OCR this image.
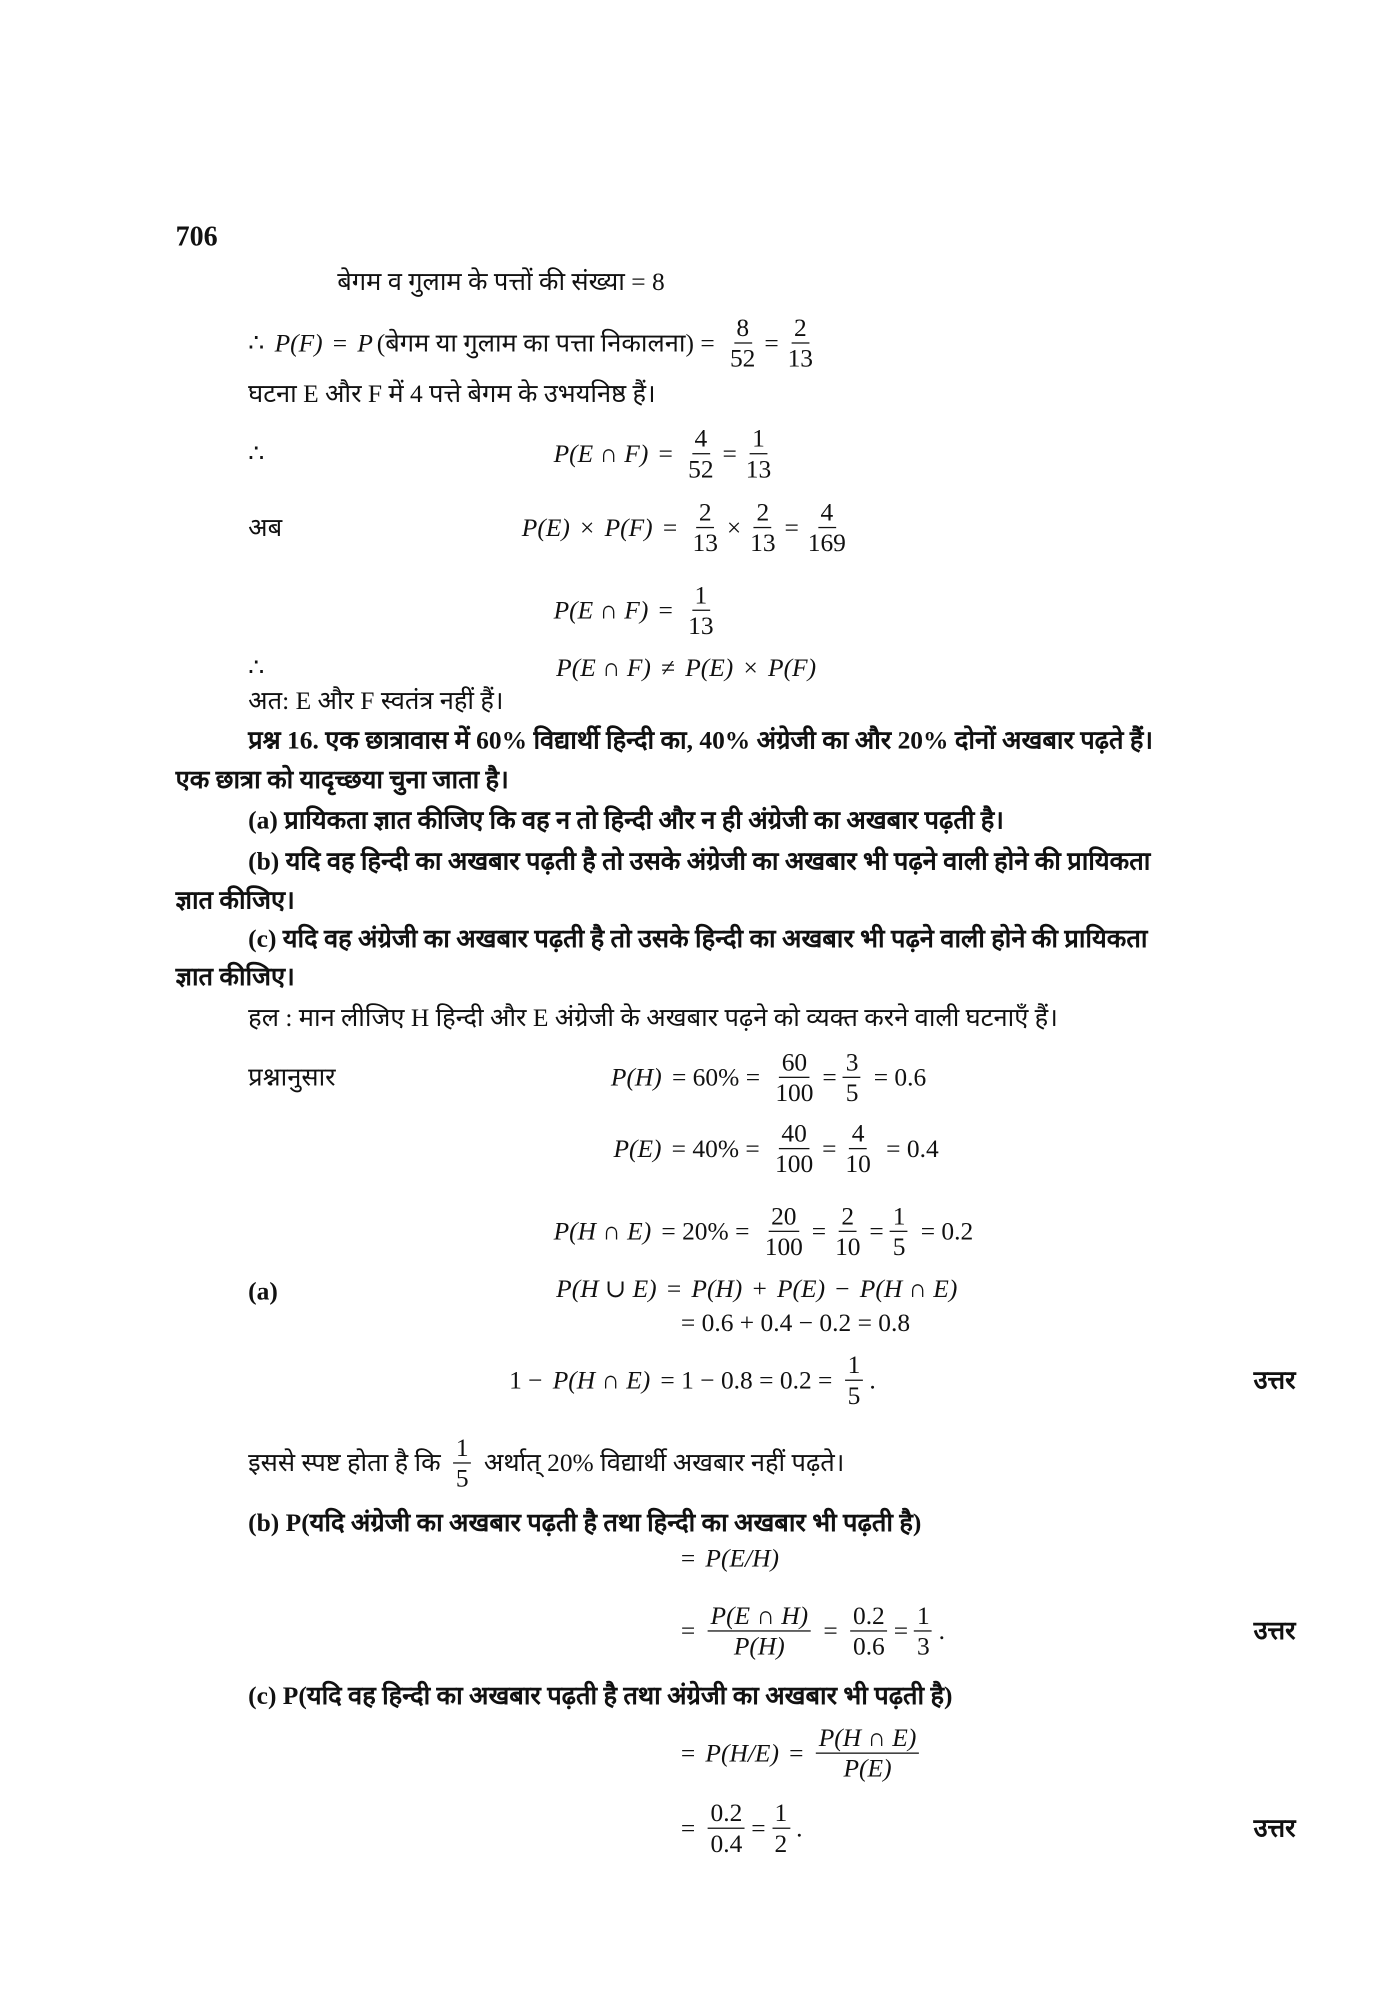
706
बेगम व गुलाम के पत्तों की संख्या = 8
∴ P(F) = P (बेगम या गुलाम का पत्ता निकालना) = $\frac{8}{52} = \frac{2}{13}$
घटना E और F में 4 पत्ते बेगम के उभयनिष्ठ हैं।
∴	P(E ∩ $F) = \frac{4}{52} = \frac{1}{13}$
अब	$P(E) \times P(F) = \frac{2}{13} \times \frac{2}{13} = \frac{4}{169}$
P(E ∩ $F) = \frac{1}{13}$
∴	P(E ∩ F) ≠ P(E) × P(F)
अत: E और F स्वतंत्र नहीं हैं।
प्रश्न 16. एक छात्रावास में 60% विद्यार्थी हिन्दी का, 40% अंग्रेजी का और 20% दोनों अखबार पढ़ते हैं।
एक छात्रा को यादृच्छया चुना जाता है।
(a) प्रायिकता ज्ञात कीजिए कि वह न तो हिन्दी और न ही अंग्रेजी का अखबार पढ़ती है।
(b) यदि वह हिन्दी का अखबार पढ़ती है तो उसके अंग्रेजी का अखबार भी पढ़ने वाली होने की प्रायिकता
ज्ञात कीजिए।
(c) यदि वह अंग्रेजी का अखबार पढ़ती है तो उसके हिन्दी का अखबार भी पढ़ने वाली होने की प्रायिकता
ज्ञात कीजिए।
हल : मान लीजिए H हिन्दी और E अंग्रेजी के अखबार पढ़ने को व्यक्त करने वाली घटनाएँ हैं।
प्रश्नानुसार	$P(H) = 60\% = \frac{60}{100} = \frac{3}{5} = 0.6$
$P(E) = 40\% = \frac{40}{100} = \frac{4}{10} = 0.4$
P(H ∩ $E) = 20\% = \frac{20}{100} = \frac{2}{10} = \frac{1}{5} = 0.2$
(a)	P(H ∪ E) = P(H) + P(E) − P(H ∩ E)
= 0.6 + 0.4 − 0.2 = 0.8
1 − P(H ∩ $E) = 1 - 0.8 = 0.2 = \frac{1}{5}$ .	उत्तर
इससे स्पष्ट होता है कि $\frac{1}{5}$ अर्थात् 20% विद्यार्थी अखबार नहीं पढ़ते।
(b) P(यदि अंग्रेजी का अखबार पढ़ती है तथा हिन्दी का अखबार भी पढ़ती है)
= P(E/H)
= $\frac{P(E \cap H)}{P(H)} = \frac{0.2}{0.6} = \frac{1}{3}$ .	उत्तर
(c) P(यदि वह हिन्दी का अखबार पढ़ती है तथा अंग्रेजी का अखबार भी पढ़ती है)
= $P(H/E) = \frac{P(H \cap E)}{P(E)}$
= $\frac{0.2}{0.4} = \frac{1}{2}$ .	उत्तर
